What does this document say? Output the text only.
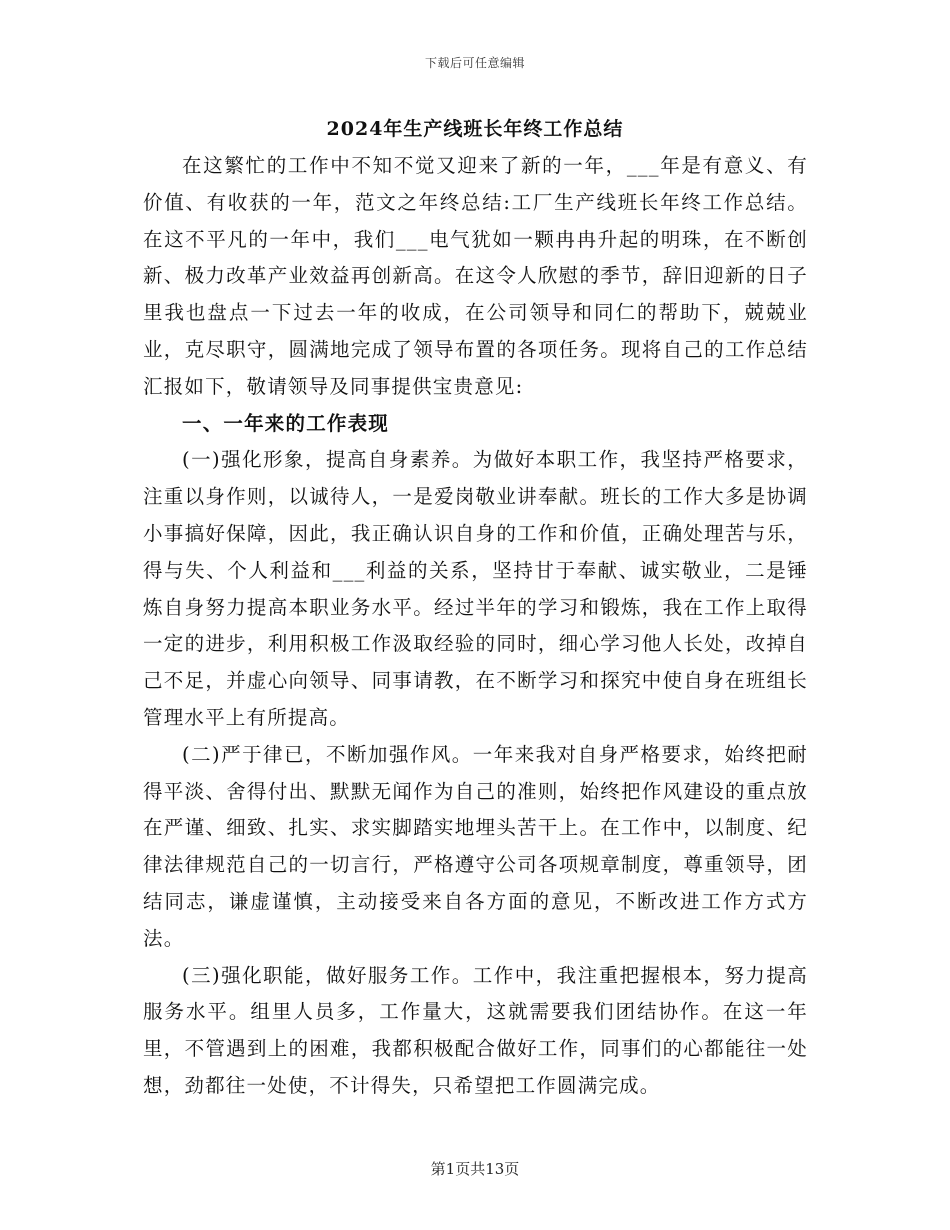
下载后可任意编辑
2024年生产线班长年终工作总结

在这繁忙的工作中不知不觉又迎来了新的一年，___年是有意义、有价值、有收获的一年，范文之年终总结:工厂生产线班长年终工作总结。在这不平凡的一年中，我们___电气犹如一颗冉冉升起的明珠，在不断创新、极力改革产业效益再创新高。在这令人欣慰的季节，辞旧迎新的日子里我也盘点一下过去一年的收成，在公司领导和同仁的帮助下，兢兢业业，克尽职守，圆满地完成了领导布置的各项任务。现将自己的工作总结汇报如下，敬请领导及同事提供宝贵意见:

一、一年来的工作表现

(一)强化形象，提高自身素养。为做好本职工作，我坚持严格要求，注重以身作则，以诚待人，一是爱岗敬业讲奉献。班长的工作大多是协调小事搞好保障，因此，我正确认识自身的工作和价值，正确处理苦与乐，得与失、个人利益和___利益的关系，坚持甘于奉献、诚实敬业，二是锤炼自身努力提高本职业务水平。经过半年的学习和锻炼，我在工作上取得一定的进步，利用积极工作汲取经验的同时，细心学习他人长处，改掉自己不足，并虚心向领导、同事请教，在不断学习和探究中使自身在班组长管理水平上有所提高。

(二)严于律已，不断加强作风。一年来我对自身严格要求，始终把耐得平淡、舍得付出、默默无闻作为自己的准则，始终把作风建设的重点放在严谨、细致、扎实、求实脚踏实地埋头苦干上。在工作中，以制度、纪律法律规范自己的一切言行，严格遵守公司各项规章制度，尊重领导，团结同志，谦虚谨慎，主动接受来自各方面的意见，不断改进工作方式方法。

(三)强化职能，做好服务工作。工作中，我注重把握根本，努力提高服务水平。组里人员多，工作量大，这就需要我们团结协作。在这一年里，不管遇到上的困难，我都积极配合做好工作，同事们的心都能往一处想，劲都往一处使，不计得失，只希望把工作圆满完成。

第1页共13页
